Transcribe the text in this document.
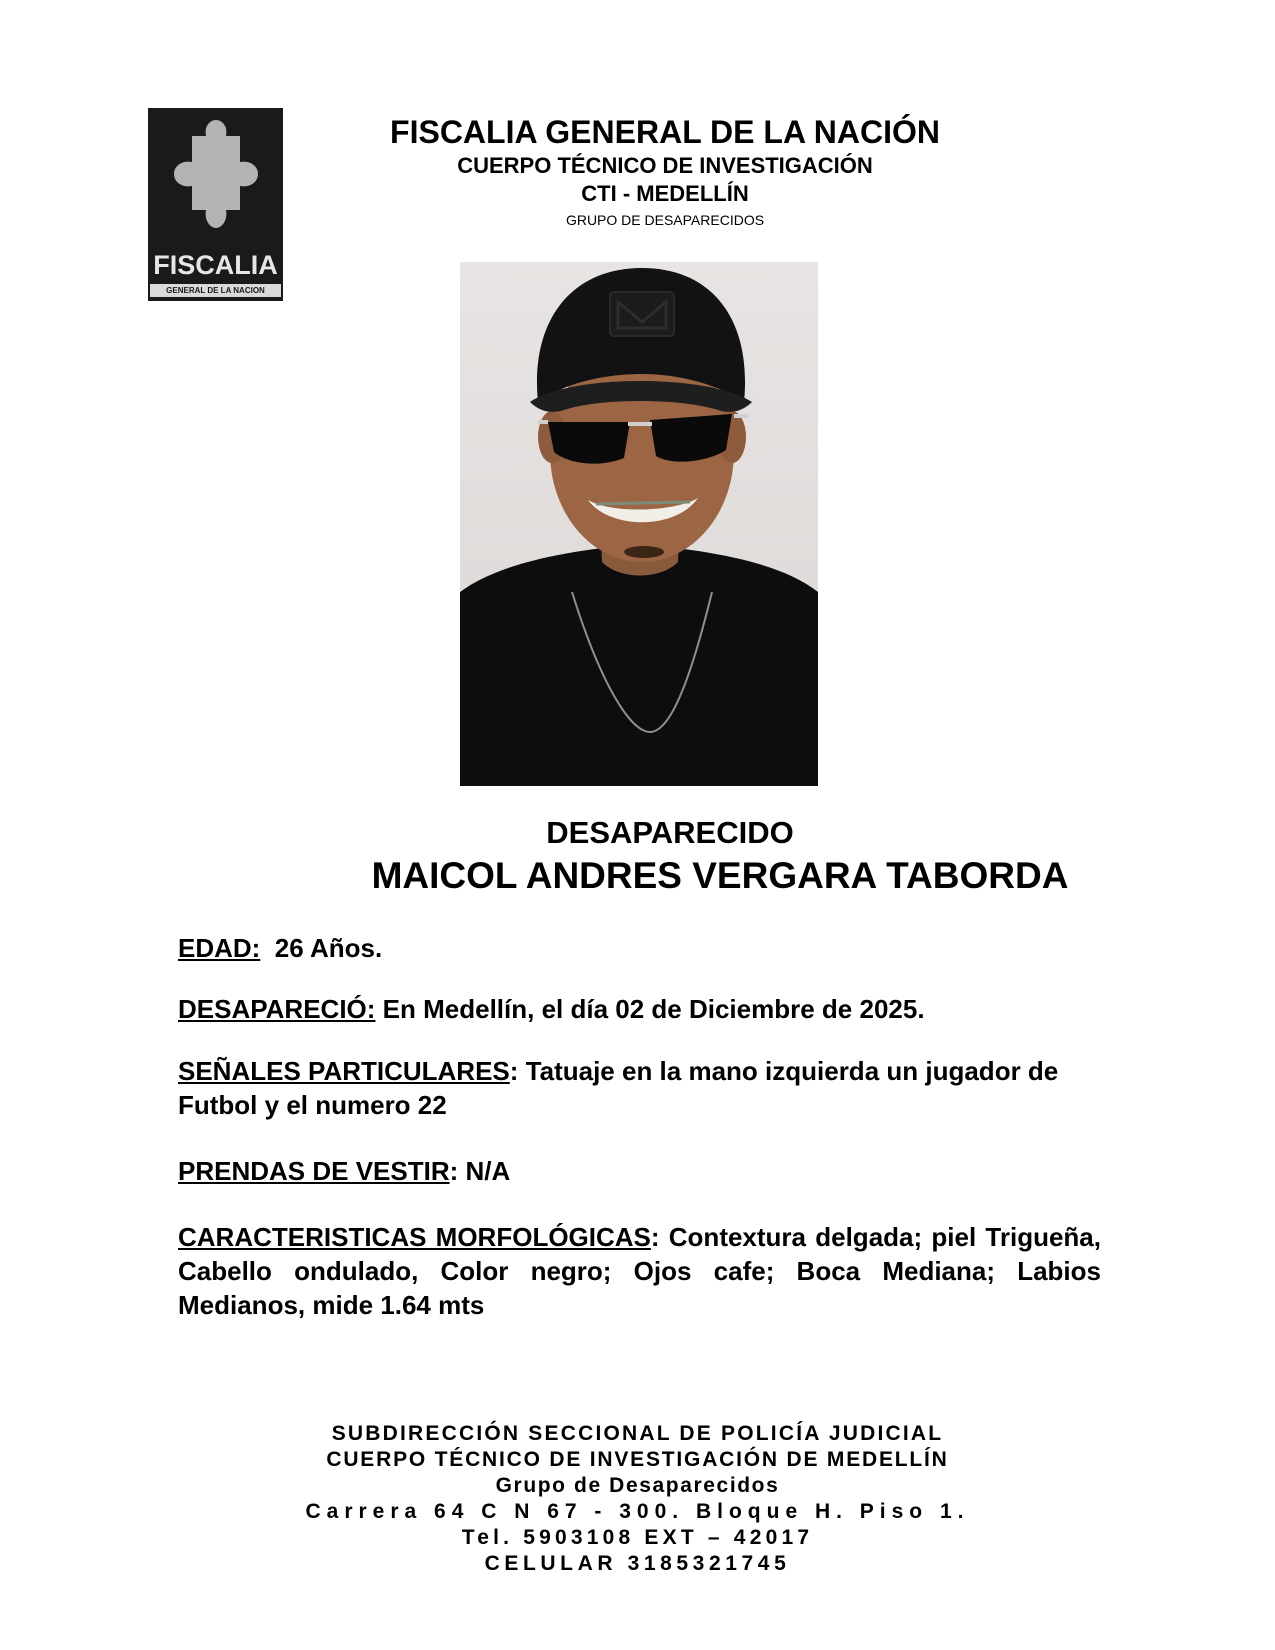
FISCALIA
GENERAL DE LA NACION
FISCALIA GENERAL DE LA NACIÓN
CUERPO TÉCNICO DE INVESTIGACIÓN
CTI - MEDELLÍN
GRUPO DE DESAPARECIDOS
DESAPARECIDO
MAICOL ANDRES VERGARA TABORDA
EDAD:  26 Años.
DESAPARECIÓ: En Medellín, el día 02 de Diciembre de 2025.
SEÑALES PARTICULARES: Tatuaje en la mano izquierda un jugador de Futbol y el numero 22
PRENDAS DE VESTIR: N/A
CARACTERISTICAS MORFOLÓGICAS: Contextura delgada; piel Trigueña, Cabello ondulado, Color negro; Ojos cafe; Boca Mediana; Labios Medianos, mide 1.64 mts
SUBDIRECCIÓN SECCIONAL DE POLICÍA JUDICIAL
CUERPO TÉCNICO DE INVESTIGACIÓN DE MEDELLÍN
Grupo de Desaparecidos
Carrera 64 C N 67 - 300. Bloque H. Piso 1.
Tel. 5903108 EXT – 42017
CELULAR 3185321745
